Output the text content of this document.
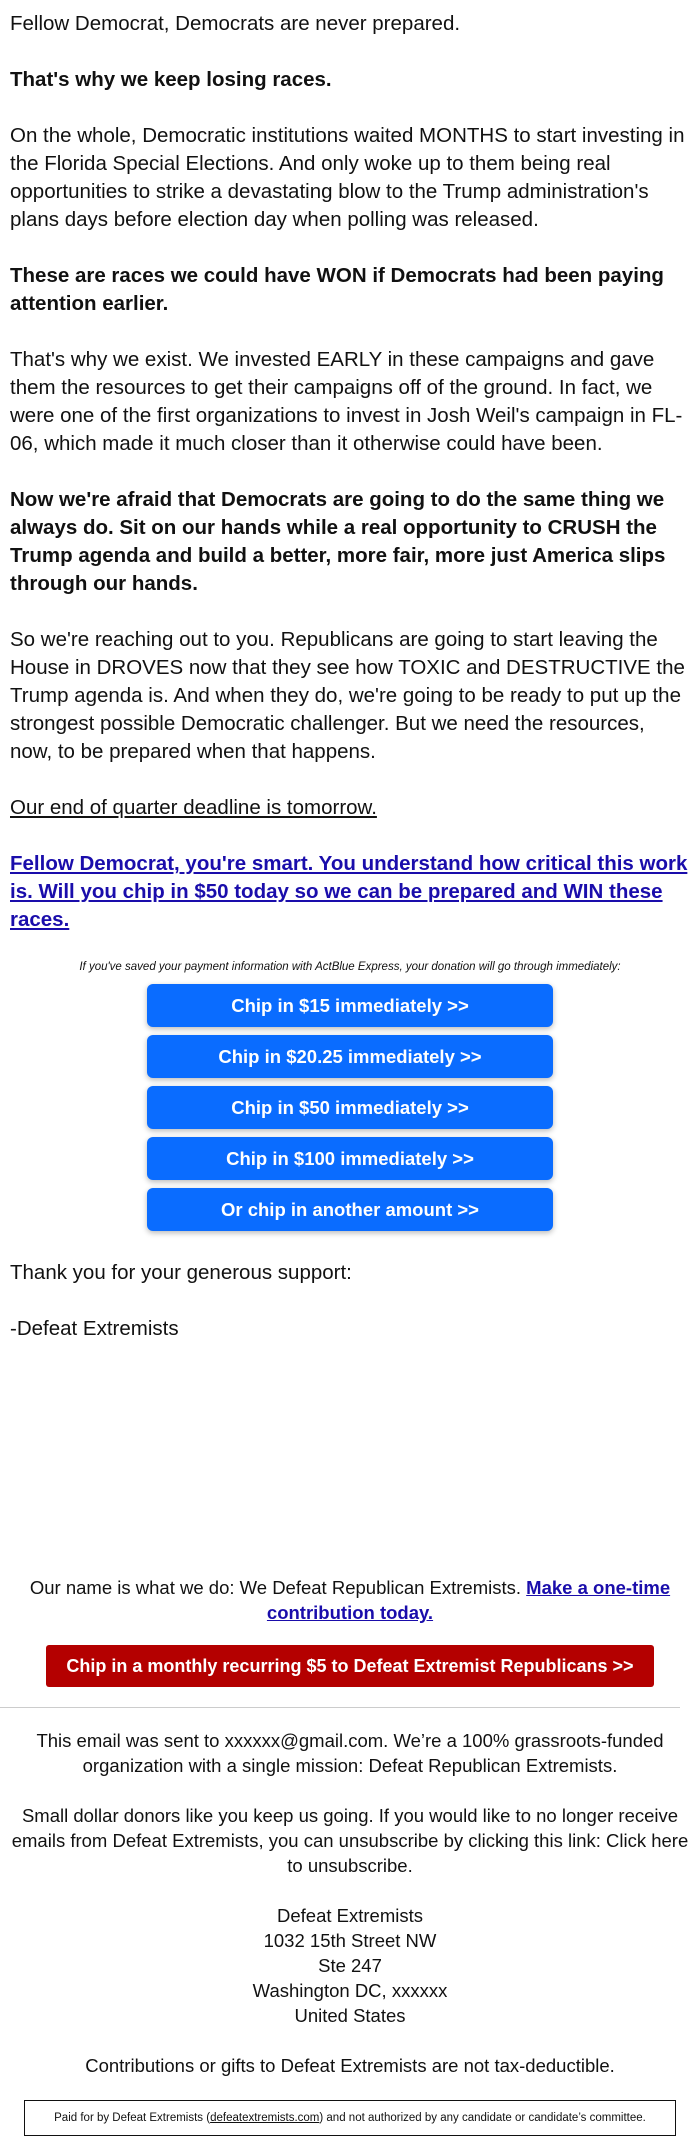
Fellow Democrat, Democrats are never prepared.

That's why we keep losing races.

On the whole, Democratic institutions waited MONTHS to start investing in the Florida Special Elections. And only woke up to them being real opportunities to strike a devastating blow to the Trump administration's plans days before election day when polling was released.

These are races we could have WON if Democrats had been paying attention earlier.

That's why we exist. We invested EARLY in these campaigns and gave them the resources to get their campaigns off of the ground. In fact, we were one of the first organizations to invest in Josh Weil's campaign in FL-06, which made it much closer than it otherwise could have been.

Now we're afraid that Democrats are going to do the same thing we always do. Sit on our hands while a real opportunity to CRUSH the Trump agenda and build a better, more fair, more just America slips through our hands.

So we're reaching out to you. Republicans are going to start leaving the House in DROVES now that they see how TOXIC and DESTRUCTIVE the Trump agenda is. And when they do, we're going to be ready to put up the strongest possible Democratic challenger. But we need the resources, now, to be prepared when that happens.

Our end of quarter deadline is tomorrow.

Fellow Democrat, you're smart. You understand how critical this work is. Will you chip in $50 today so we can be prepared and WIN these races.

If you've saved your payment information with ActBlue Express, your donation will go through immediately:

Chip in $15 immediately >>
Chip in $20.25 immediately >>
Chip in $50 immediately >>
Chip in $100 immediately >>
Or chip in another amount >>

Thank you for your generous support:

-Defeat Extremists

Our name is what we do: We Defeat Republican Extremists. Make a one-time contribution today.

Chip in a monthly recurring $5 to Defeat Extremist Republicans >>

This email was sent to xxxxxx@gmail.com. We’re a 100% grassroots-funded organization with a single mission: Defeat Republican Extremists.

Small dollar donors like you keep us going. If you would like to no longer receive emails from Defeat Extremists, you can unsubscribe by clicking this link: Click here to unsubscribe.

Defeat Extremists

1032 15th Street NW

Ste 247

Washington DC, xxxxxx

United States

Contributions or gifts to Defeat Extremists are not tax-deductible.

Paid for by Defeat Extremists (defeatextremists.com) and not authorized by any candidate or candidate’s committee.
